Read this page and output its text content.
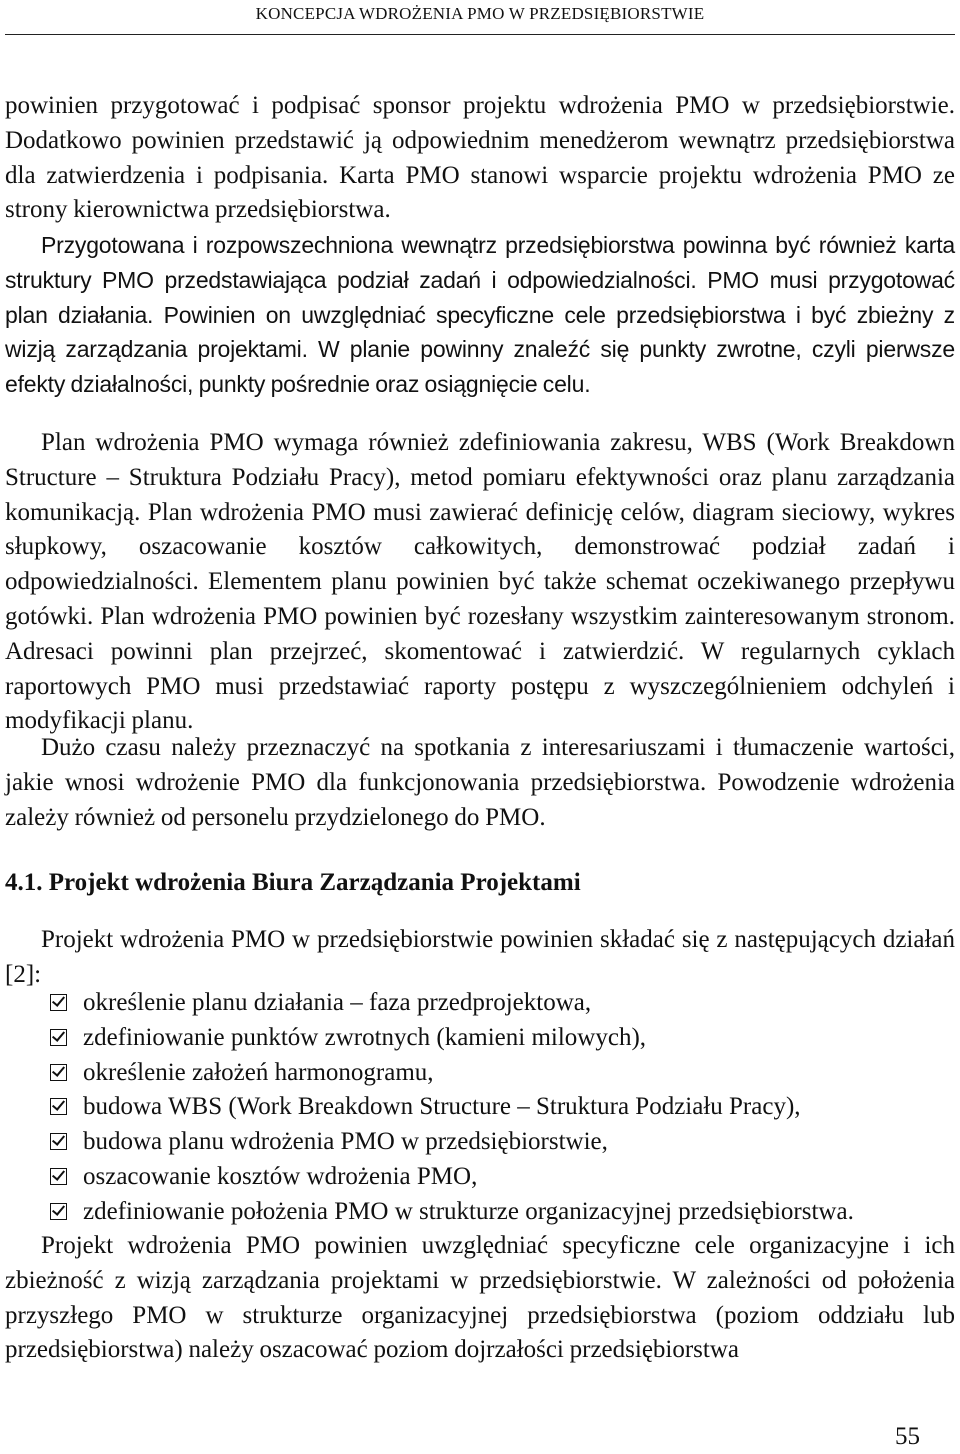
KONCEPCJA WDROŻENIA PMO W PRZEDSIĘBIORSTWIE

powinien przygotować i podpisać sponsor projektu wdrożenia PMO w przedsiębiorstwie. Dodatkowo powinien przedstawić ją odpowiednim menedżerom wewnątrz przedsiębiorstwa dla zatwierdzenia i podpisania. Karta PMO stanowi wsparcie projektu wdrożenia PMO ze strony kierownictwa przedsiębiorstwa.

Przygotowana i rozpowszechniona wewnątrz przedsiębiorstwa powinna być również karta struktury PMO przedstawiająca podział zadań i odpowiedzialności. PMO musi przygotować plan działania. Powinien on uwzględniać specyficzne cele przedsiębiorstwa i być zbieżny z wizją zarządzania projektami. W planie powinny znaleźć się punkty zwrotne, czyli pierwsze efekty działalności, punkty pośrednie oraz osiągnięcie celu.

Plan wdrożenia PMO wymaga również zdefiniowania zakresu, WBS (Work Breakdown Structure – Struktura Podziału Pracy), metod pomiaru efektywności oraz planu zarządzania komunikacją. Plan wdrożenia PMO musi zawierać definicję celów, diagram sieciowy, wykres słupkowy, oszacowanie kosztów całkowitych, demonstrować podział zadań i odpowiedzialności. Elementem planu powinien być także schemat oczekiwanego przepływu gotówki. Plan wdrożenia PMO powinien być rozesłany wszystkim zainteresowanym stronom. Adresaci powinni plan przejrzeć, skomentować i zatwierdzić. W regularnych cyklach raportowych PMO musi przedstawiać raporty postępu z wyszczególnieniem odchyleń i modyfikacji planu.

Dużo czasu należy przeznaczyć na spotkania z interesariuszami i tłumaczenie wartości, jakie wnosi wdrożenie PMO dla funkcjonowania przedsiębiorstwa. Powodzenie wdrożenia zależy również od personelu przydzielonego do PMO.

4.1. Projekt wdrożenia Biura Zarządzania Projektami

Projekt wdrożenia PMO w przedsiębiorstwie powinien składać się z następujących działań [2]:

określenie planu działania – faza przedprojektowa,
zdefiniowanie punktów zwrotnych (kamieni milowych),
określenie założeń harmonogramu,
budowa WBS (Work Breakdown Structure – Struktura Podziału Pracy),
budowa planu wdrożenia PMO w przedsiębiorstwie,
oszacowanie kosztów wdrożenia PMO,
zdefiniowanie położenia PMO w strukturze organizacyjnej przedsiębiorstwa.

Projekt wdrożenia PMO powinien uwzględniać specyficzne cele organizacyjne i ich zbieżność z wizją zarządzania projektami w przedsiębiorstwie. W zależności od położenia przyszłego PMO w strukturze organizacyjnej przedsiębiorstwa (poziom oddziału lub przedsiębiorstwa) należy oszacować poziom dojrzałości przedsiębiorstwa

55
